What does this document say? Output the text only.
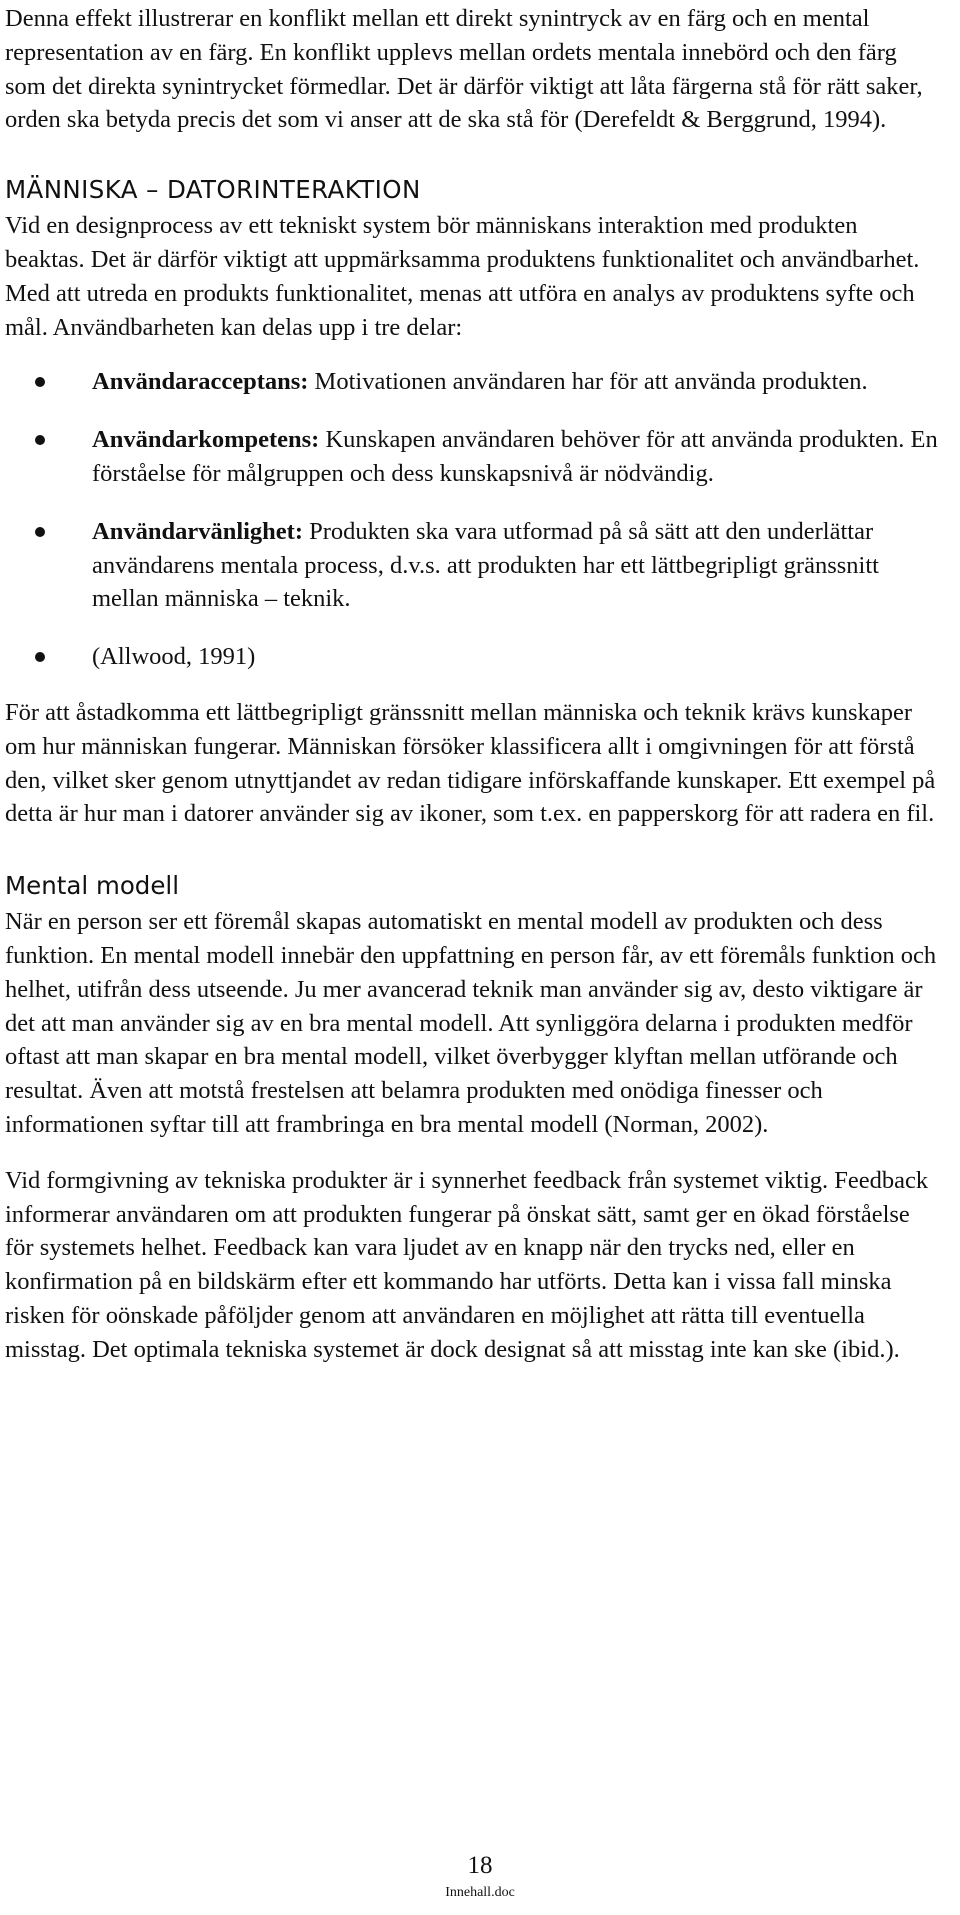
Denna effekt illustrerar en konflikt mellan ett direkt synintryck av en färg och en mental representation av en färg. En konflikt upplevs mellan ordets mentala innebörd och den färg som det direkta synintrycket förmedlar. Det är därför viktigt att låta färgerna stå för rätt saker, orden ska betyda precis det som vi anser att de ska stå för (Derefeldt & Berggrund, 1994).

MÄNNISKA – DATORINTERAKTION

Vid en designprocess av ett tekniskt system bör människans interaktion med produkten beaktas. Det är därför viktigt att uppmärksamma produktens funktionalitet och användbarhet. Med att utreda en produkts funktionalitet, menas att utföra en analys av produktens syfte och mål. Användbarheten kan delas upp i tre delar:

Användaracceptans: Motivationen användaren har för att använda produkten.
Användarkompetens: Kunskapen användaren behöver för att använda produkten. En förståelse för målgruppen och dess kunskapsnivå är nödvändig.
Användarvänlighet: Produkten ska vara utformad på så sätt att den underlättar användarens mentala process, d.v.s. att produkten har ett lättbegripligt gränssnitt mellan människa – teknik.
(Allwood, 1991)

För att åstadkomma ett lättbegripligt gränssnitt mellan människa och teknik krävs kunskaper om hur människan fungerar. Människan försöker klassificera allt i omgivningen för att förstå den, vilket sker genom utnyttjandet av redan tidigare införskaffande kunskaper. Ett exempel på detta är hur man i datorer använder sig av ikoner, som t.ex. en papperskorg för att radera en fil.

Mental modell

När en person ser ett föremål skapas automatiskt en mental modell av produkten och dess funktion. En mental modell innebär den uppfattning en person får, av ett föremåls funktion och helhet, utifrån dess utseende. Ju mer avancerad teknik man använder sig av, desto viktigare är det att man använder sig av en bra mental modell. Att synliggöra delarna i produkten medför oftast att man skapar en bra mental modell, vilket överbygger klyftan mellan utförande och resultat. Även att motstå frestelsen att belamra produkten med onödiga finesser och informationen syftar till att frambringa en bra mental modell (Norman, 2002).

Vid formgivning av tekniska produkter är i synnerhet feedback från systemet viktig. Feedback informerar användaren om att produkten fungerar på önskat sätt, samt ger en ökad förståelse för systemets helhet. Feedback kan vara ljudet av en knapp när den trycks ned, eller en konfirmation på en bildskärm efter ett kommando har utförts. Detta kan i vissa fall minska risken för oönskade påföljder genom att användaren en möjlighet att rätta till eventuella misstag. Det optimala tekniska systemet är dock designat så att misstag inte kan ske (ibid.).

18
Innehall.doc
